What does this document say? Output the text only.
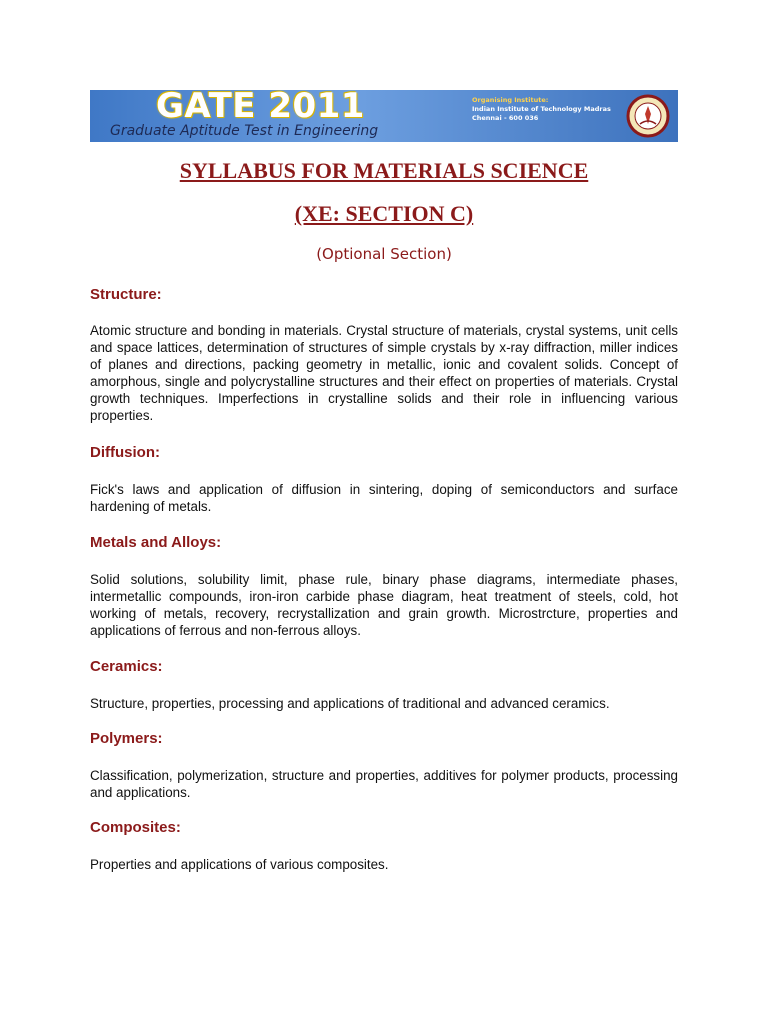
GATE 2011
Graduate Aptitude Test in Engineering
Organising Institute:
Indian Institute of Technology Madras
Chennai - 600 036
SYLLABUS FOR MATERIALS SCIENCE
(XE: SECTION C)
(Optional Section)
Structure:
Atomic structure and bonding in materials. Crystal structure of materials, crystal systems, unit cells and space lattices, determination of structures of simple crystals by x-ray diffraction, miller indices of planes and directions, packing geometry in metallic, ionic and covalent solids. Concept of amorphous, single and polycrystalline structures and their effect on properties of materials. Crystal growth techniques. Imperfections in crystalline solids and their role in influencing various properties.
Diffusion:
Fick's laws and application of diffusion in sintering, doping of semiconductors and surface hardening of metals.
Metals and Alloys:
Solid solutions, solubility limit, phase rule, binary phase diagrams, intermediate phases, intermetallic compounds, iron-iron carbide phase diagram, heat treatment of steels, cold, hot working of metals, recovery, recrystallization and grain growth. Microstrcture, properties and applications of ferrous and non-ferrous alloys.
Ceramics:
Structure, properties, processing and applications of traditional and advanced ceramics.
Polymers:
Classification, polymerization, structure and properties, additives for polymer products, processing and applications.
Composites:
Properties and applications of various composites.
